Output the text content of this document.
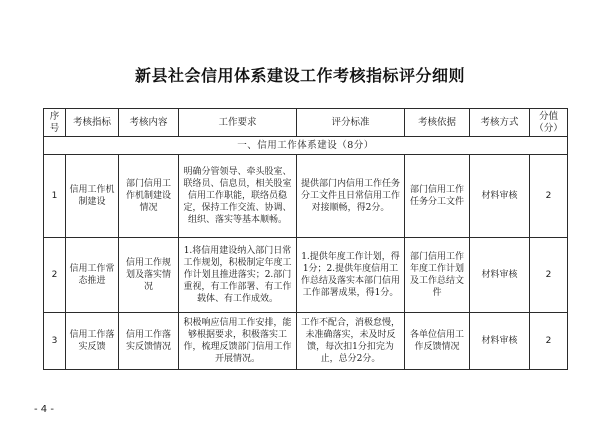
新县社会信用体系建设工作考核指标评分细则
序号	考核指标	考核内容	工作要求	评分标准	考核依据	考核方式	分值（分）
一、信用工作体系建设（8分）							
1	信用工作机制建设	部门信用工作机制建设情况	明确分管领导、牵头股室、联络员、信息员，相关股室信用工作职能，联络员稳定，保持工作交流、协调、组织、落实等基本顺畅。	提供部门内信用工作任务分工文件且日常信用工作对接顺畅，得2分。	部门信用工作任务分工文件	材料审核	2
2	信用工作常态推进	信用工作规划及落实情况	1.将信用建设纳入部门日常工作规划，积极制定年度工作计划且推进落实；2.部门重视，有工作部署、有工作载体、有工作成效。	1.提供年度工作计划，得1分；2.提供年度信用工作总结及落实本部门信用工作部署成果，得1分。	部门信用工作年度工作计划及工作总结文件	材料审核	2
3	信用工作落实反馈	信用工作落实反馈情况	积极响应信用工作安排，能够根据要求，积极落实工作，梳理反馈部门信用工作开展情况。	工作不配合，消极怠慢，未准确落实，未及时反馈，每次扣1分扣完为止，总分2分。	各单位信用工作反馈情况	材料审核	2
- 4 -
